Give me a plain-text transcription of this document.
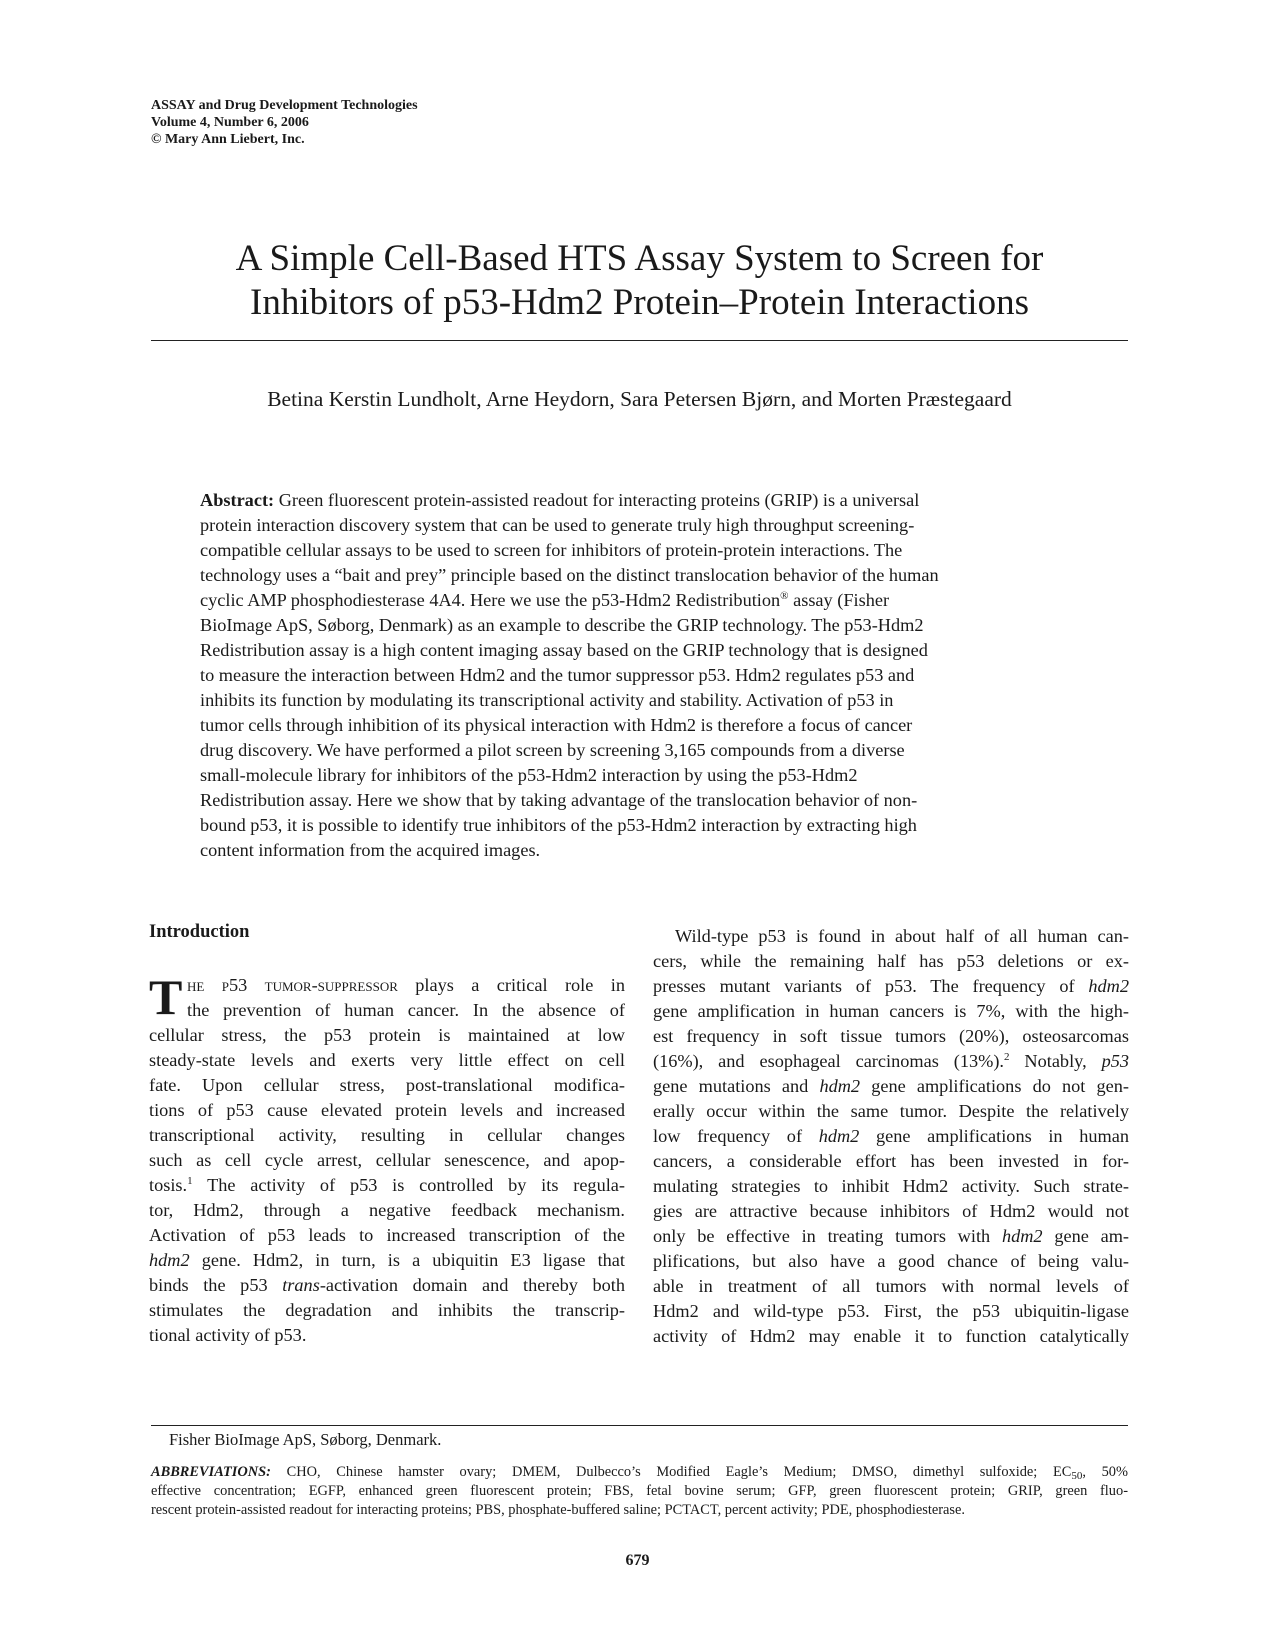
ASSAY and Drug Development Technologies
Volume 4, Number 6, 2006
© Mary Ann Liebert, Inc.
A Simple Cell-Based HTS Assay System to Screen for
Inhibitors of p53-Hdm2 Protein–Protein Interactions
Betina Kerstin Lundholt, Arne Heydorn, Sara Petersen Bjørn, and Morten Præstegaard
Abstract: Green fluorescent protein-assisted readout for interacting proteins (GRIP) is a universal
protein interaction discovery system that can be used to generate truly high throughput screening-
compatible cellular assays to be used to screen for inhibitors of protein-protein interactions. The
technology uses a “bait and prey” principle based on the distinct translocation behavior of the human
cyclic AMP phosphodiesterase 4A4. Here we use the p53-Hdm2 Redistribution® assay (Fisher
BioImage ApS, Søborg, Denmark) as an example to describe the GRIP technology. The p53-Hdm2
Redistribution assay is a high content imaging assay based on the GRIP technology that is designed
to measure the interaction between Hdm2 and the tumor suppressor p53. Hdm2 regulates p53 and
inhibits its function by modulating its transcriptional activity and stability. Activation of p53 in
tumor cells through inhibition of its physical interaction with Hdm2 is therefore a focus of cancer
drug discovery. We have performed a pilot screen by screening 3,165 compounds from a diverse
small-molecule library for inhibitors of the p53-Hdm2 interaction by using the p53-Hdm2
Redistribution assay. Here we show that by taking advantage of the translocation behavior of non-
bound p53, it is possible to identify true inhibitors of the p53-Hdm2 interaction by extracting high
content information from the acquired images.
Introduction
T he p53 tumor-suppressor plays a critical role in
the prevention of human cancer. In the absence of
cellular stress, the p53 protein is maintained at low
steady-state levels and exerts very little effect on cell
fate. Upon cellular stress, post-translational modifica-
tions of p53 cause elevated protein levels and increased
transcriptional activity, resulting in cellular changes
such as cell cycle arrest, cellular senescence, and apop-
tosis.$^1$ The activity of p53 is controlled by its regula-
tor, Hdm2, through a negative feedback mechanism.
Activation of p53 leads to increased transcription of the
hdm2 gene. Hdm2, in turn, is a ubiquitin E3 ligase that
binds the p53 trans-activation domain and thereby both
stimulates the degradation and inhibits the transcrip-
tional activity of p53.
Wild-type p53 is found in about half of all human can-
cers, while the remaining half has p53 deletions or ex-
presses mutant variants of p53. The frequency of hdm2
gene amplification in human cancers is 7%, with the high-
est frequency in soft tissue tumors (20%), osteosarcomas
(16%), and esophageal carcinomas (13%).$^2$ Notably, p53
gene mutations and hdm2 gene amplifications do not gen-
erally occur within the same tumor. Despite the relatively
low frequency of hdm2 gene amplifications in human
cancers, a considerable effort has been invested in for-
mulating strategies to inhibit Hdm2 activity. Such strate-
gies are attractive because inhibitors of Hdm2 would not
only be effective in treating tumors with hdm2 gene am-
plifications, but also have a good chance of being valu-
able in treatment of all tumors with normal levels of
Hdm2 and wild-type p53. First, the p53 ubiquitin-ligase
activity of Hdm2 may enable it to function catalytically
Fisher BioImage ApS, Søborg, Denmark.
ABBREVIATIONS: CHO, Chinese hamster ovary; DMEM, Dulbecco’s Modified Eagle’s Medium; DMSO, dimethyl sulfoxide; $EC_{50}$, 50%
effective concentration; EGFP, enhanced green fluorescent protein; FBS, fetal bovine serum; GFP, green fluorescent protein; GRIP, green fluo-
rescent protein-assisted readout for interacting proteins; PBS, phosphate-buffered saline; PCTACT, percent activity; PDE, phosphodiesterase.
679
